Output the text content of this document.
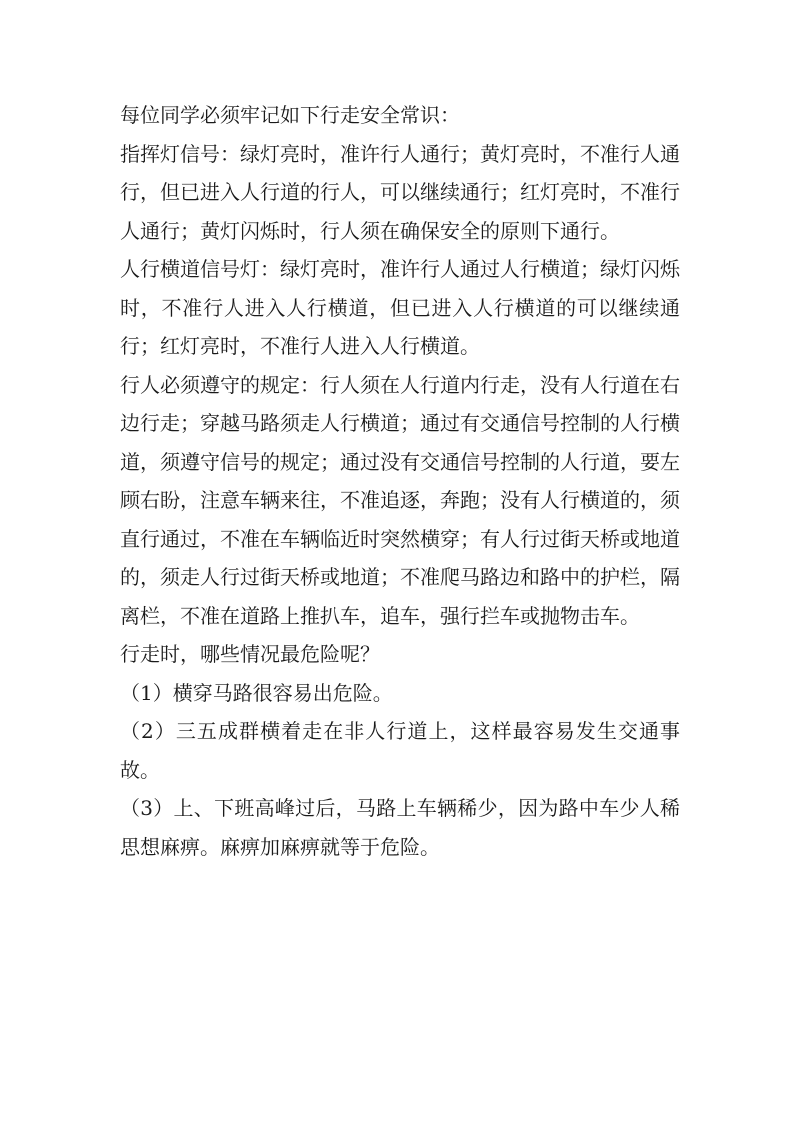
每位同学必须牢记如下行走安全常识：

指挥灯信号：绿灯亮时，准许行人通行；黄灯亮时，不准行人通行，但已进入人行道的行人，可以继续通行；红灯亮时，不准行人通行；黄灯闪烁时，行人须在确保安全的原则下通行。

人行横道信号灯：绿灯亮时，准许行人通过人行横道；绿灯闪烁时，不准行人进入人行横道，但已进入人行横道的可以继续通行；红灯亮时，不准行人进入人行横道。

行人必须遵守的规定：行人须在人行道内行走，没有人行道在右边行走；穿越马路须走人行横道；通过有交通信号控制的人行横道，须遵守信号的规定；通过没有交通信号控制的人行道，要左顾右盼，注意车辆来往，不准追逐，奔跑；没有人行横道的，须直行通过，不准在车辆临近时突然横穿；有人行过街天桥或地道的，须走人行过街天桥或地道；不准爬马路边和路中的护栏，隔离栏，不准在道路上推扒车，追车，强行拦车或抛物击车。

行走时，哪些情况最危险呢？

（1）横穿马路很容易出危险。

（2）三五成群横着走在非人行道上，这样最容易发生交通事故。

（3）上、下班高峰过后，马路上车辆稀少，因为路中车少人稀思想麻痹。麻痹加麻痹就等于危险。
